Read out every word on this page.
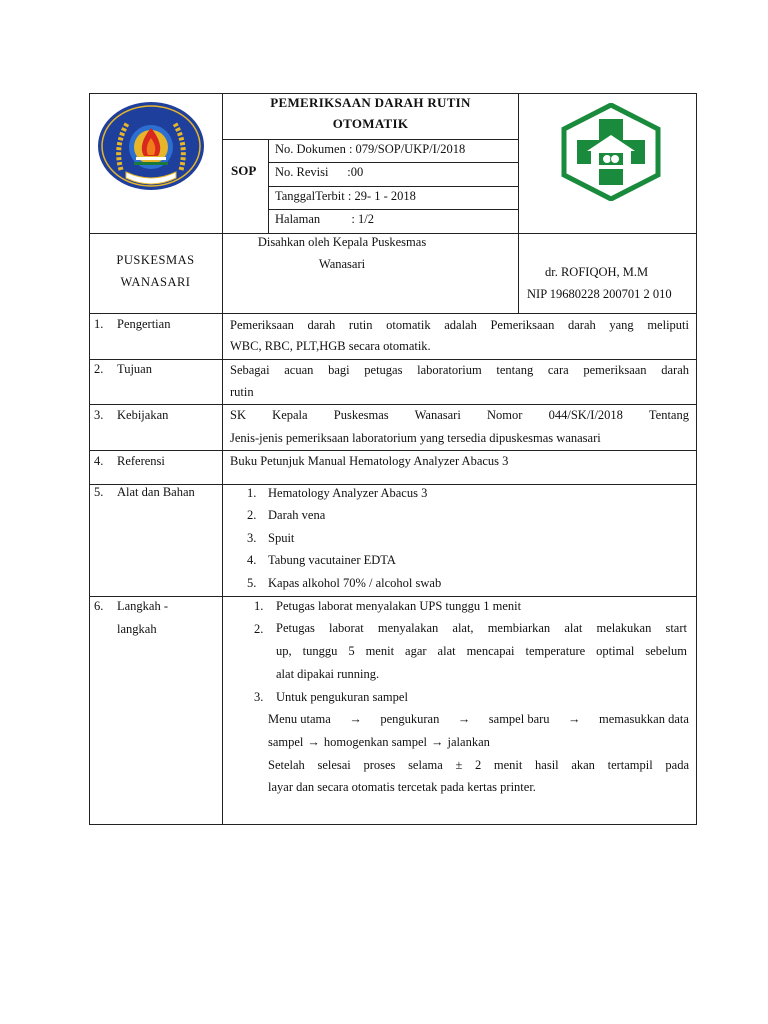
PEMERIKSAAN DARAH RUTIN
OTOMATIK
SOP
No. Dokumen : 079/SOP/UKP/I/2018
No. Revisi      :00
TanggalTerbit : 29- 1 - 2018
Halaman          : 1/2
PUSKESMAS
WANASARI
Disahkan oleh Kepala Puskesmas
Wanasari
dr. ROFIQOH, M.M
NIP 19680228 200701 2 010
1. Pengertian
2. Tujuan
3. Kebijakan
4. Referensi
5. Alat dan Bahan
6. Langkah -
langkah
Pemeriksaan darah rutin otomatik adalah Pemeriksaan darah yang meliputi
WBC, RBC, PLT,HGB secara otomatik.
Sebagai acuan bagi petugas laboratorium tentang cara pemeriksaan darah
rutin
SK Kepala Puskesmas Wanasari Nomor 044/SK/I/2018 Tentang
Jenis-jenis pemeriksaan laboratorium yang tersedia dipuskesmas wanasari
Buku Petunjuk Manual Hematology Analyzer Abacus 3
1. Hematology Analyzer Abacus 3
2. Darah vena
3. Spuit
4. Tabung vacutainer EDTA
5. Kapas alkohol 70% / alcohol swab
1. Petugas laborat menyalakan UPS tunggu 1 menit
2. Petugas laborat menyalakan alat, membiarkan alat melakukan start
up, tunggu 5 menit agar alat mencapai temperature optimal sebelum
alat dipakai running.
3. Untuk pengukuran sampel
Menu utama → pengukuran → sampel baru → memasukkan data
sampel → homogenkan sampel → jalankan
Setelah selesai proses selama ± 2 menit hasil akan tertampil pada
layar dan secara otomatis tercetak pada kertas printer.
